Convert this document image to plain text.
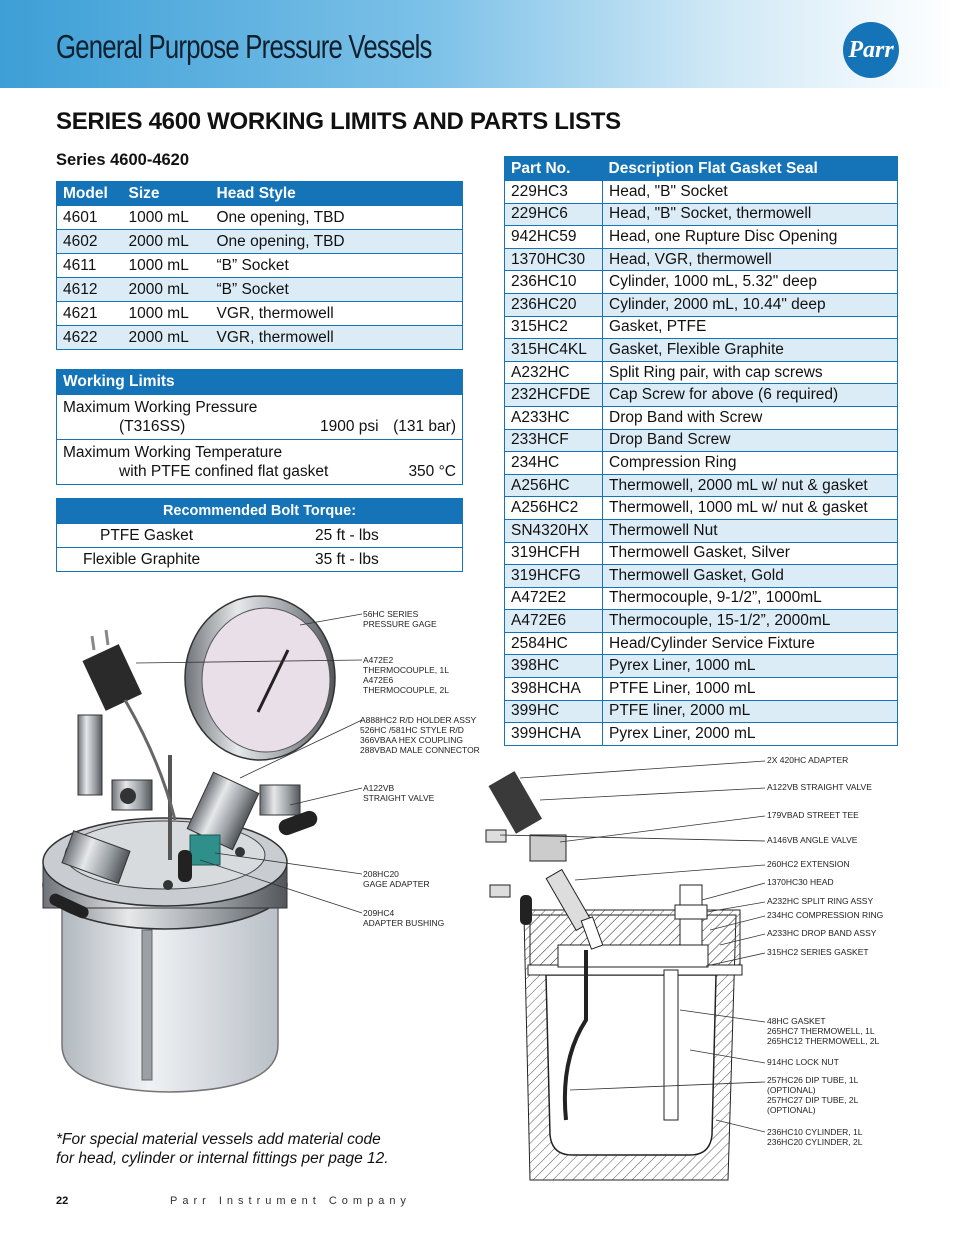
General Purpose Pressure Vessels	Parr
SERIES 4600 WORKING LIMITS AND PARTS LISTS
Series 4600-4620
Model	Size	Head Style
4601	1000 mL	One opening, TBD
4602	2000 mL	One opening, TBD
4611	1000 mL	“B” Socket
4612	2000 mL	“B” Socket
4621	1000 mL	VGR, thermowell
4622	2000 mL	VGR, thermowell
Working Limits
Maximum Working Pressure
(T316SS)	1900 psi (131 bar)
Maximum Working Temperature
with PTFE confined flat gasket	350 °C
Recommended Bolt Torque:
PTFE Gasket	25 ft - lbs
Flexible Graphite	35 ft - lbs
Part No.	Description Flat Gasket Seal
229HC3	Head, "B" Socket
229HC6	Head, "B" Socket, thermowell
942HC59	Head, one Rupture Disc Opening
1370HC30	Head, VGR, thermowell
236HC10	Cylinder, 1000 mL, 5.32" deep
236HC20	Cylinder, 2000 mL, 10.44" deep
315HC2	Gasket, PTFE
315HC4KL	Gasket, Flexible Graphite
A232HC	Split Ring pair, with cap screws
232HCFDE	Cap Screw for above (6 required)
A233HC	Drop Band with Screw
233HCF	Drop Band Screw
234HC	Compression Ring
A256HC	Thermowell, 2000 mL w/ nut & gasket
A256HC2	Thermowell, 1000 mL w/ nut & gasket
SN4320HX	Thermowell Nut
319HCFH	Thermowell Gasket, Silver
319HCFG	Thermowell Gasket, Gold
A472E2	Thermocouple, 9-1/2”, 1000mL
A472E6	Thermocouple, 15-1/2”, 2000mL
2584HC	Head/Cylinder Service Fixture
398HC	Pyrex Liner, 1000 mL
398HCHA	PTFE Liner, 1000 mL
399HC	PTFE liner, 2000 mL
399HCHA	Pyrex Liner, 2000 mL
56HC SERIES
PRESSURE GAGE
A472E2
THERMOCOUPLE, 1L
A472E6
THERMOCOUPLE, 2L
A888HC2 R/D HOLDER ASSY
526HC /581HC STYLE R/D
366VBAA HEX COUPLING
288VBAD MALE CONNECTOR
A122VB
STRAIGHT VALVE
208HC20
GAGE ADAPTER
209HC4
ADAPTER BUSHING
2X 420HC ADAPTER
A122VB STRAIGHT VALVE
179VBAD STREET TEE
A146VB ANGLE VALVE
260HC2 EXTENSION
1370HC30 HEAD
A232HC SPLIT RING ASSY
234HC COMPRESSION RING
A233HC DROP BAND ASSY
315HC2 SERIES GASKET
48HC GASKET
265HC7 THERMOWELL, 1L
265HC12 THERMOWELL, 2L
914HC LOCK NUT
257HC26 DIP TUBE, 1L
(OPTIONAL)
257HC27 DIP TUBE, 2L
(OPTIONAL)
236HC10 CYLINDER, 1L
236HC20 CYLINDER, 2L
*For special material vessels add material code
for head, cylinder or internal fittings per page 12.
22	Parr Instrument Company
